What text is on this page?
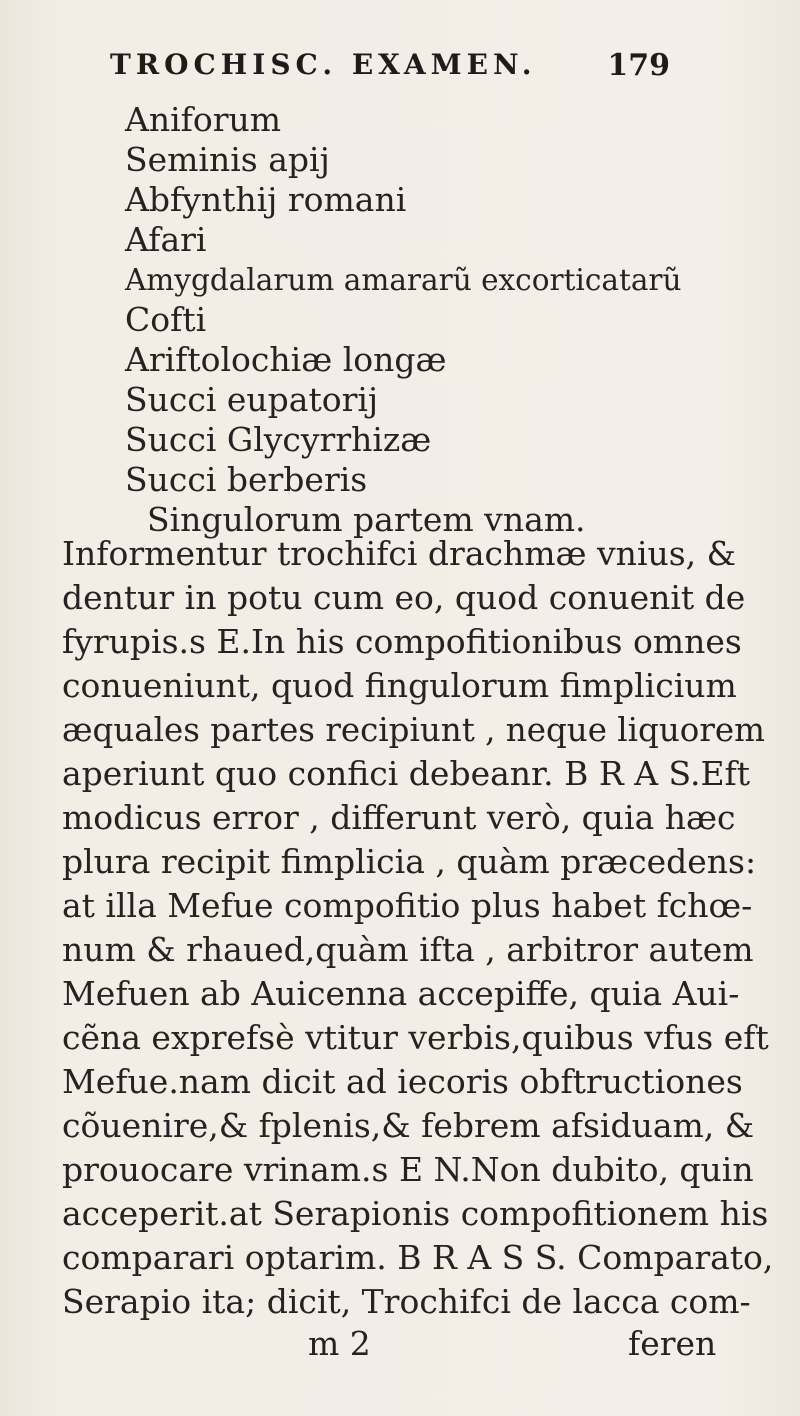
TROCHISC. EXAMEN. 179
Aniforum
Seminis apij
Abfynthij romani
Afari
Amygdalarum amararũ excorticatarũ
Cofti
Ariftolochiæ longæ
Succi eupatorij
Succi Glycyrrhizæ
Succi berberis
Singulorum partem vnam.
Informentur trochifci drachmæ vnius, &
dentur in potu cum eo, quod conuenit de
fyrupis.s E.In his compofitionibus omnes
conueniunt, quod fingulorum fimplicium
æquales partes recipiunt , neque liquorem
aperiunt quo confici debeanr. B R A S.Eft
modicus error , differunt verò, quia hæc
plura recipit fimplicia , quàm præcedens:
at illa Mefue compofitio plus habet fchœ-
num & rhaued,quàm ifta , arbitror autem
Mefuen ab Auicenna accepiffe, quia Aui-
cẽna exprefsè vtitur verbis,quibus vfus eft
Mefue.nam dicit ad iecoris obftructiones
cõuenire,& fplenis,& febrem afsiduam, &
prouocare vrinam.s E N.Non dubito, quin
acceperit.at Serapionis compofitionem his
comparari optarim. B R A S S. Comparato,
Serapio ita; dicit, Trochifci de lacca com-
m 2	feren
